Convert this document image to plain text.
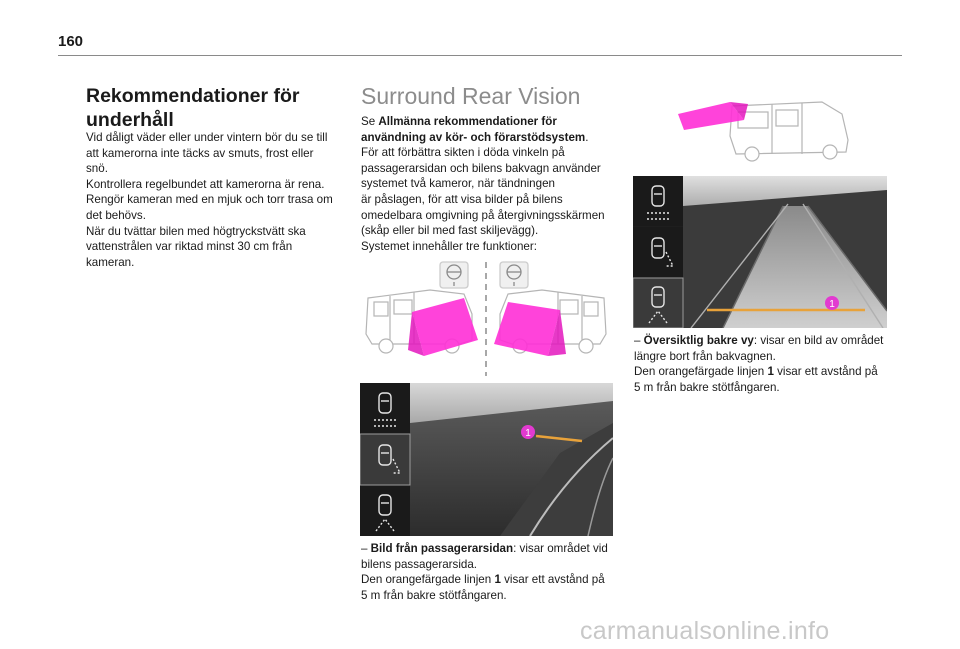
160
Rekommendationer för
underhåll
Vid dåligt väder eller under vintern bör du se till
att kamerorna inte täcks av smuts, frost eller
snö.
Kontrollera regelbundet att kamerorna är rena.
Rengör kameran med en mjuk och torr trasa om
det behövs.
När du tvättar bilen med högtryckstvätt ska
vattenstrålen var riktad minst 30 cm från
kameran.
Surround Rear Vision
Se Allmänna rekommendationer för
användning av kör- och förarstödsystem.
För att förbättra sikten i döda vinkeln på
passagerarsidan och bilens bakvagn använder
systemet två kameror, när tändningen
är påslagen, för att visa bilder på bilens
omedelbara omgivning på återgivningsskärmen
(skåp eller bil med fast skiljevägg).
Systemet innehåller tre funktioner:
1
– Bild från passagerarsidan: visar området vid
bilens passagerarsida.
Den orangefärgade linjen 1 visar ett avstånd på
5 m från bakre stötfångaren.
1
– Översiktlig bakre vy: visar en bild av området
längre bort från bakvagnen.
Den orangefärgade linjen 1 visar ett avstånd på
5 m från bakre stötfångaren.
carmanualsonline.info
